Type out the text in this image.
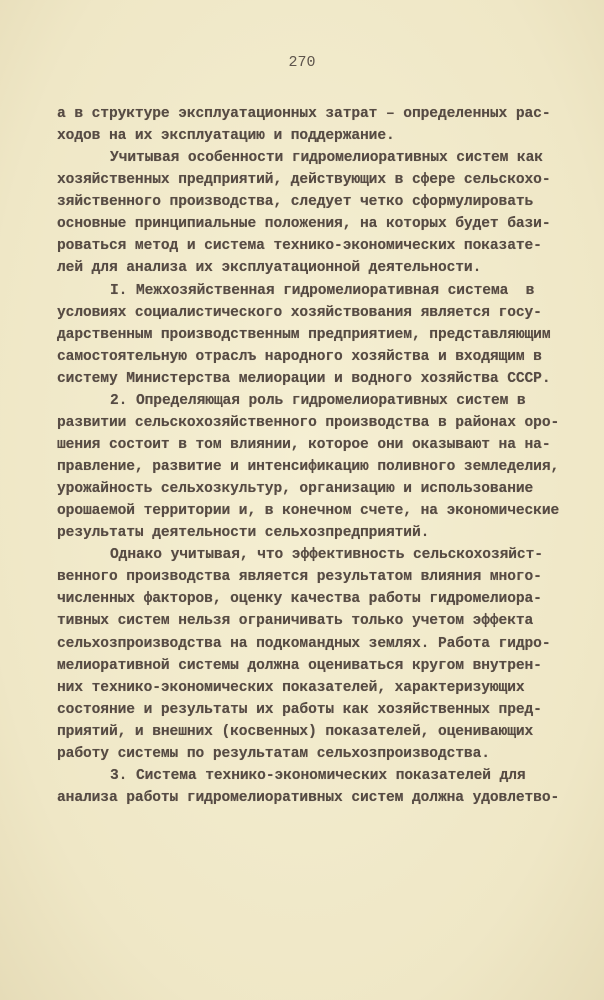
270
а в структуре эксплуатационных затрат – определенных рас-
ходов на их эксплуатацию и поддержание.
Учитывая особенности гидромелиоративных систем как
хозяйственных предприятий, действующих в сфере сельскохо-
зяйственного производства, следует четко сформулировать
основные принципиальные положения, на которых будет бази-
роваться метод и система технико-экономических показате-
лей для анализа их эксплуатационной деятельности.
I. Межхозяйственная гидромелиоративная система  в
условиях социалистического хозяйствования является госу-
дарственным производственным предприятием, представляющим
самостоятельную отраслъ народного хозяйства и входящим в
систему Министерства мелиорации и водного хозяйства СССР.
2. Определяющая роль гидромелиоративных систем в
развитии сельскохозяйственного производства в районах оро-
шения состоит в том влиянии, которое они оказывают на на-
правление, развитие и интенсификацию поливного земледелия,
урожайность сельхозкультур, организацию и использование
орошаемой территории и, в конечном счете, на экономические
результаты деятельности сельхозпредприятий.
Однако учитывая, что эффективность сельскохозяйст-
венного производства является результатом влияния много-
численных факторов, оценку качества работы гидромелиора-
тивных систем нельзя ограничивать только учетом эффекта
сельхозпроизводства на подкомандных землях. Работа гидро-
мелиоративной системы должна оцениваться кругом внутрен-
них технико-экономических показателей, характеризующих
состояние и результаты их работы как хозяйственных пред-
приятий, и внешних (косвенных) показателей, оценивающих
работу системы по результатам сельхозпроизводства.
3. Система технико-экономических показателей для
анализа работы гидромелиоративных систем должна удовлетво-
